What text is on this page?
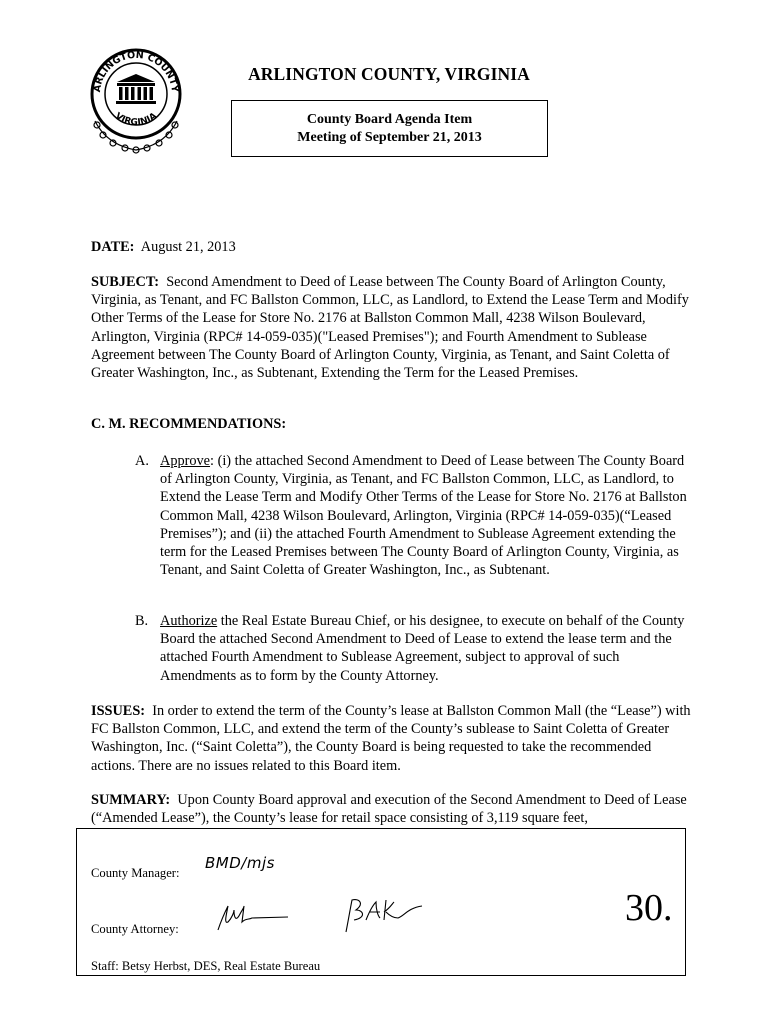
ARLINGTON COUNTY
VIRGINIA
ARLINGTON COUNTY, VIRGINIA
County Board Agenda Item
Meeting of September 21, 2013
DATE: August 21, 2013
SUBJECT: Second Amendment to Deed of Lease between The County Board of Arlington County, Virginia, as Tenant, and FC Ballston Common, LLC, as Landlord, to Extend the Lease Term and Modify Other Terms of the Lease for Store No. 2176 at Ballston Common Mall, 4238 Wilson Boulevard, Arlington, Virginia (RPC# 14-059-035)("Leased Premises"); and Fourth Amendment to Sublease Agreement between The County Board of Arlington County, Virginia, as Tenant, and Saint Coletta of Greater Washington, Inc., as Subtenant, Extending the Term for the Leased Premises.
C. M. RECOMMENDATIONS:
A. Approve: (i) the attached Second Amendment to Deed of Lease between The County Board of Arlington County, Virginia, as Tenant, and FC Ballston Common, LLC, as Landlord, to Extend the Lease Term and Modify Other Terms of the Lease for Store No. 2176 at Ballston Common Mall, 4238 Wilson Boulevard, Arlington, Virginia (RPC# 14-059-035)(“Leased Premises”); and (ii) the attached Fourth Amendment to Sublease Agreement extending the term for the Leased Premises between The County Board of Arlington County, Virginia, as Tenant, and Saint Coletta of Greater Washington, Inc., as Subtenant.
B. Authorize the Real Estate Bureau Chief, or his designee, to execute on behalf of the County Board the attached Second Amendment to Deed of Lease to extend the lease term and the attached Fourth Amendment to Sublease Agreement, subject to approval of such Amendments as to form by the County Attorney.
ISSUES: In order to extend the term of the County’s lease at Ballston Common Mall (the “Lease”) with FC Ballston Common, LLC, and extend the term of the County’s sublease to Saint Coletta of Greater Washington, Inc. (“Saint Coletta”), the County Board is being requested to take the recommended actions. There are no issues related to this Board item.
SUMMARY: Upon County Board approval and execution of the Second Amendment to Deed of Lease (“Amended Lease”), the County’s lease for retail space consisting of 3,119 square feet,
County Manager:
BMD/mjs
County Attorney:	30.
Staff: Betsy Herbst, DES, Real Estate Bureau
